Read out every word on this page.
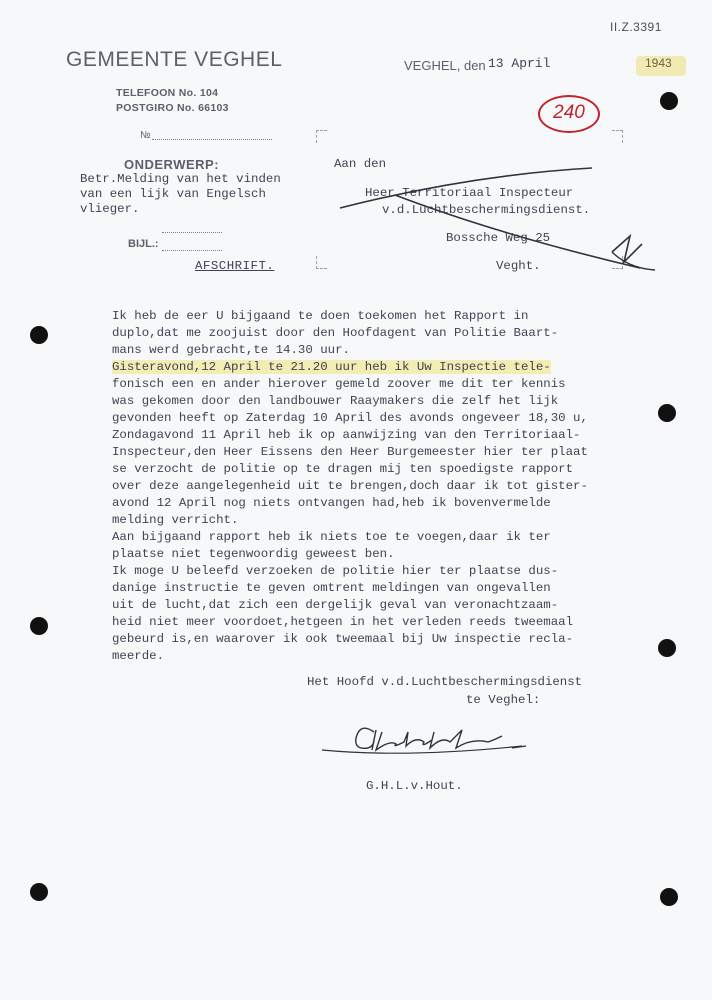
II.Z.3391
1943
240
GEMEENTE VEGHEL
TELEFOON No. 104
POSTGIRO No. 66103
VEGHEL, den 13 April
№
ONDERWERP:
Betr.Melding van het vinden
van een lijk van Engelsch
vlieger.
BIJL.:
AFSCHRIFT.
Aan den
Heer Territoriaal Inspecteur
v.d.Luchtbeschermingsdienst.
Bossche Weg 25
Veght.
Ik heb de eer U bijgaand te doen toekomen het Rapport in
duplo,dat me zoojuist door den Hoofdagent van Politie Baart-
mans werd gebracht,te 14.30 uur.
Gisteravond,12 April te 21.20 uur heb ik Uw Inspectie tele-
fonisch een en ander hierover gemeld zoover me dit ter kennis
was gekomen door den landbouwer Raaymakers die zelf het lijk
gevonden heeft op Zaterdag 10 April des avonds ongeveer 18,30 u,
Zondagavond 11 April heb ik op aanwijzing van den Territoriaal-
Inspecteur,den Heer Eissens den Heer Burgemeester hier ter plaat
se verzocht de politie op te dragen mij ten spoedigste rapport
over deze aangelegenheid uit te brengen,doch daar ik tot gister-
avond 12 April nog niets ontvangen had,heb ik bovenvermelde
melding verricht.
Aan bijgaand rapport heb ik niets toe te voegen,daar ik ter
plaatse niet tegenwoordig geweest ben.
Ik moge U beleefd verzoeken de politie hier ter plaatse dus-
danige instructie te geven omtrent meldingen van ongevallen
uit de lucht,dat zich een dergelijk geval van veronachtzaam-
heid niet meer voordoet,hetgeen in het verleden reeds tweemaal
gebeurd is,en waarover ik ook tweemaal bij Uw inspectie recla-
meerde.
Het Hoofd v.d.Luchtbeschermingsdienst
te Veghel:
G.H.L.v.Hout.
